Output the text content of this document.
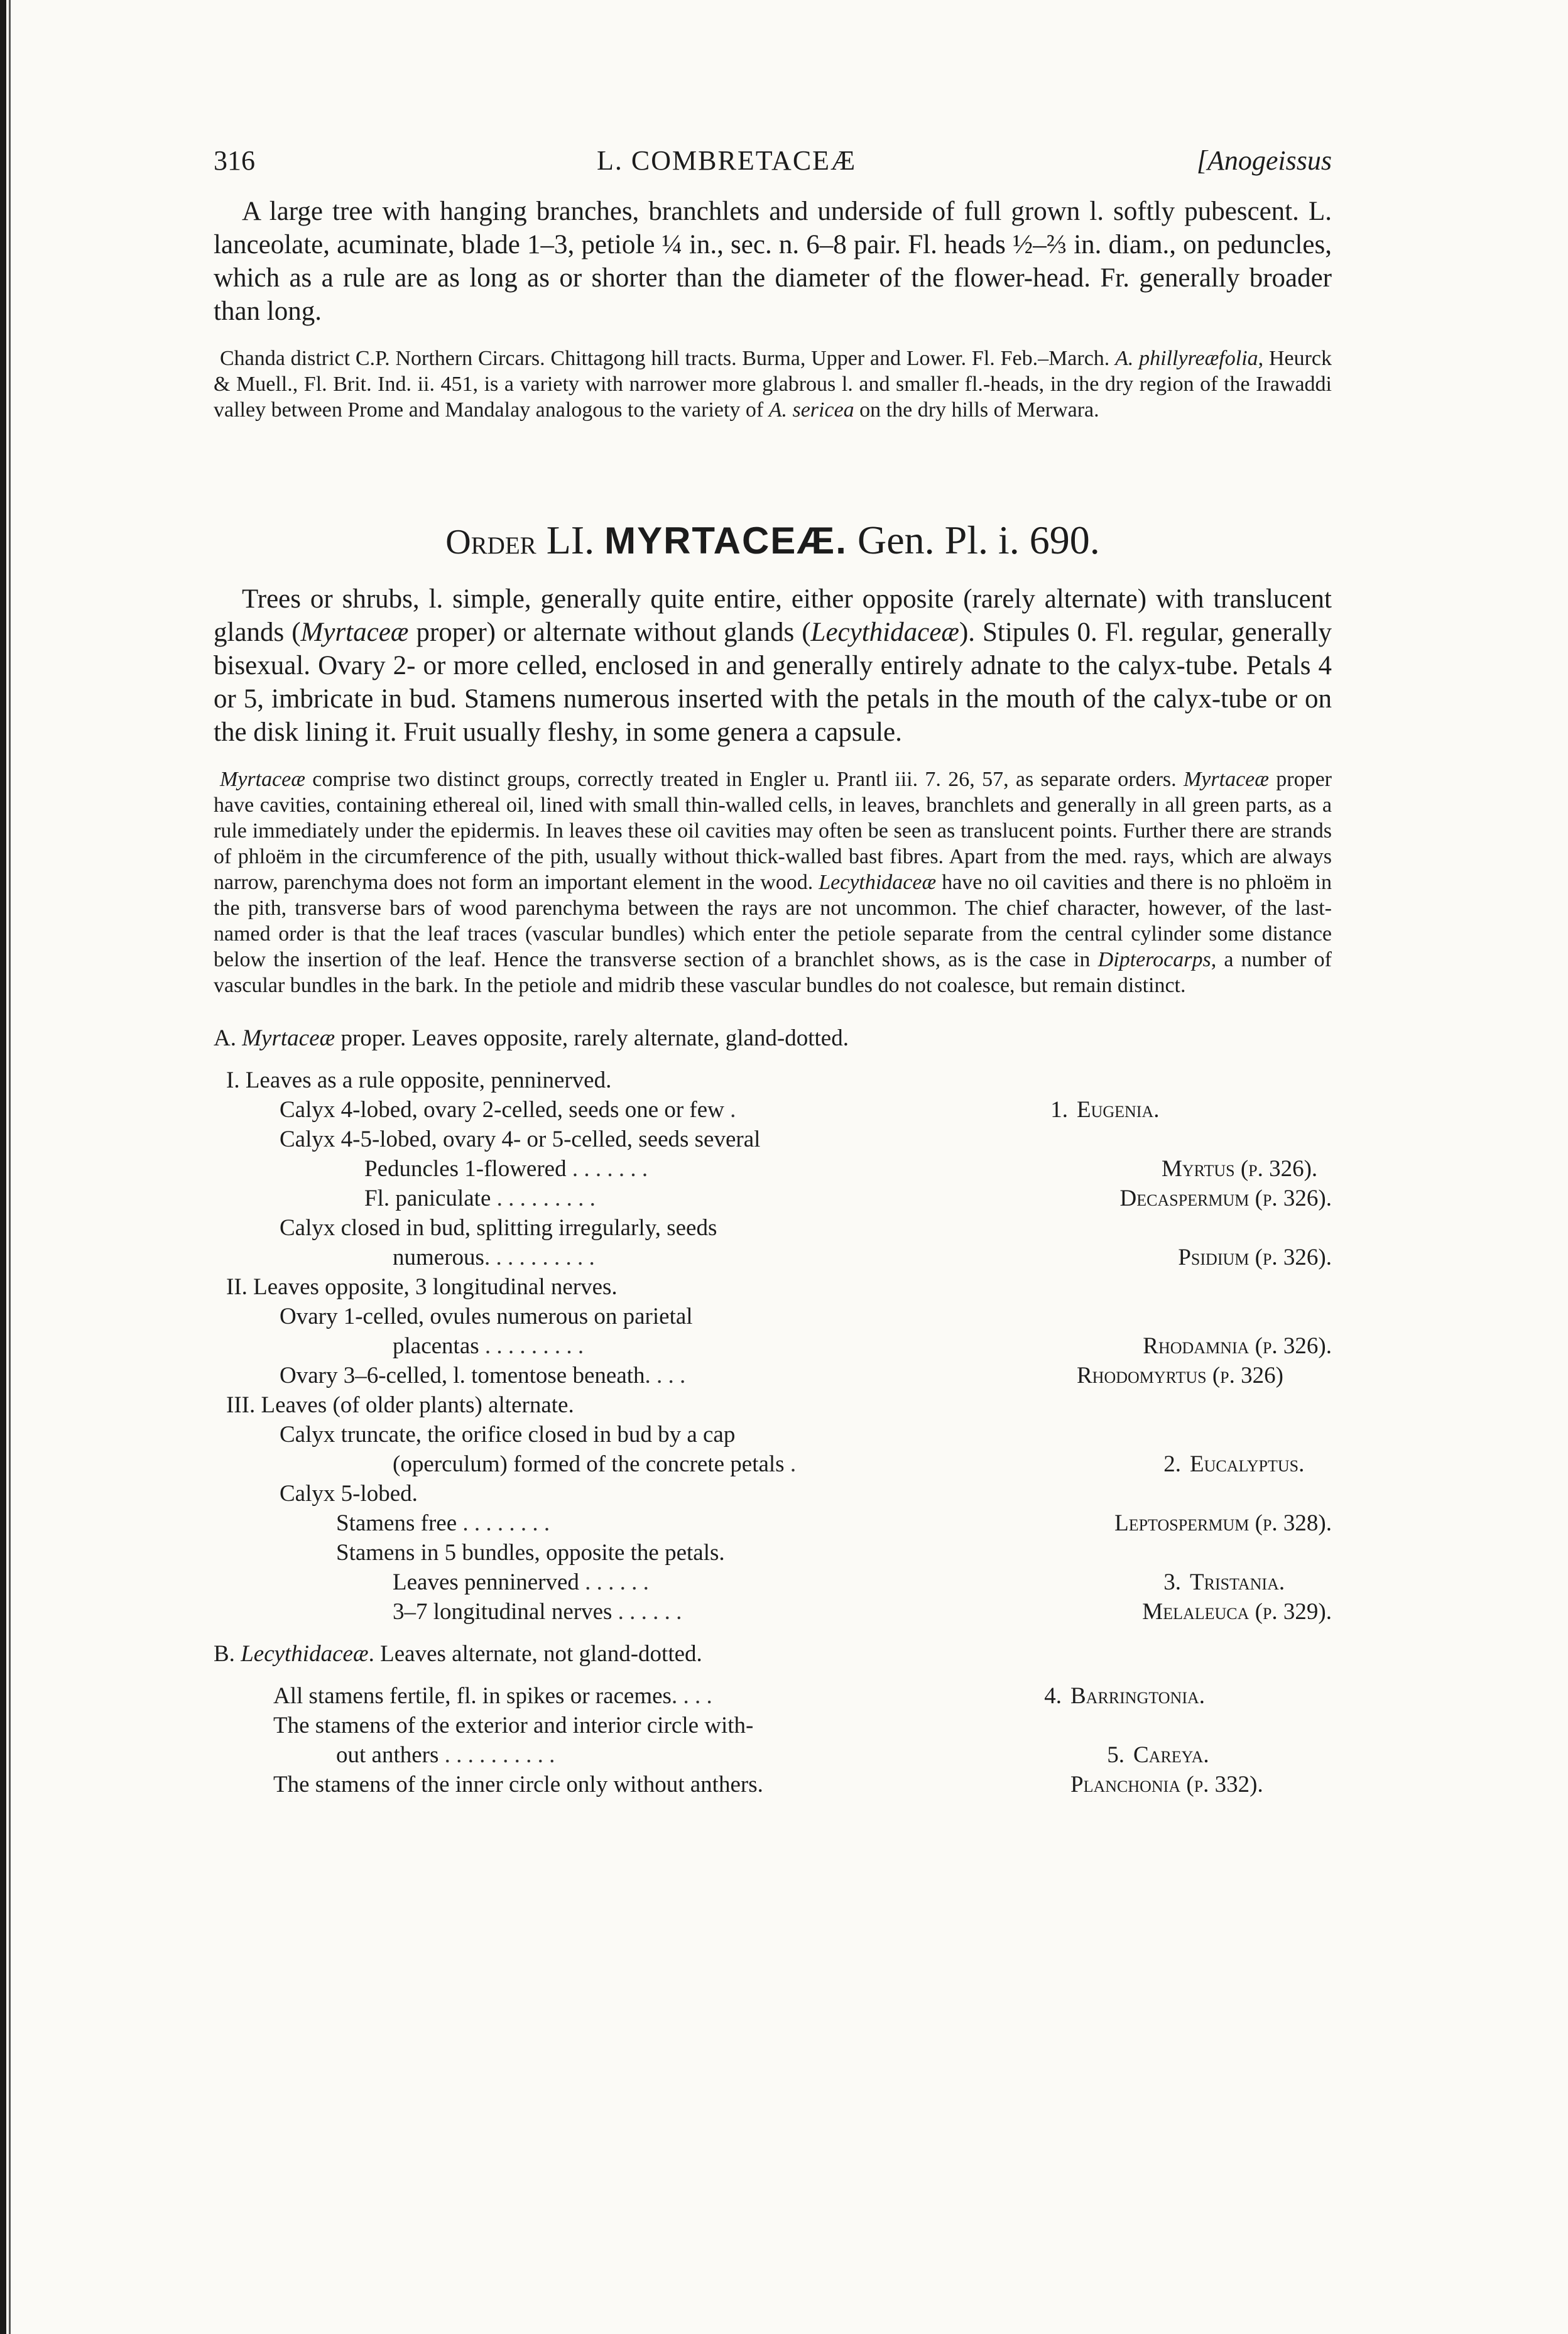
316	L. COMBRETACEÆ	[Anogeissus

A large tree with hanging branches, branchlets and underside of full grown l. softly pubescent. L. lanceolate, acuminate, blade 1–3, petiole ¼ in., sec. n. 6–8 pair. Fl. heads ½–⅔ in. diam., on peduncles, which as a rule are as long as or shorter than the diameter of the flower-head. Fr. generally broader than long.

Chanda district C.P. Northern Circars. Chittagong hill tracts. Burma, Upper and Lower. Fl. Feb.–March. A. phillyreæfolia, Heurck & Muell., Fl. Brit. Ind. ii. 451, is a variety with narrower more glabrous l. and smaller fl.-heads, in the dry region of the Irawaddi valley between Prome and Mandalay analogous to the variety of A. sericea on the dry hills of Merwara.

Order LI. MYRTACEÆ. Gen. Pl. i. 690.

Trees or shrubs, l. simple, generally quite entire, either opposite (rarely alternate) with translucent glands (Myrtaceæ proper) or alternate without glands (Lecythidaceæ). Stipules 0. Fl. regular, generally bisexual. Ovary 2- or more celled, enclosed in and generally entirely adnate to the calyx-tube. Petals 4 or 5, imbricate in bud. Stamens numerous inserted with the petals in the mouth of the calyx-tube or on the disk lining it. Fruit usually fleshy, in some genera a capsule.

Myrtaceæ comprise two distinct groups, correctly treated in Engler u. Prantl iii. 7. 26, 57, as separate orders. Myrtaceæ proper have cavities, containing ethereal oil, lined with small thin-walled cells, in leaves, branchlets and generally in all green parts, as a rule immediately under the epidermis. In leaves these oil cavities may often be seen as translucent points. Further there are strands of phloëm in the circumference of the pith, usually without thick-walled bast fibres. Apart from the med. rays, which are always narrow, parenchyma does not form an important element in the wood. Lecythidaceæ have no oil cavities and there is no phloëm in the pith, transverse bars of wood parenchyma between the rays are not uncommon. The chief character, however, of the last-named order is that the leaf traces (vascular bundles) which enter the petiole separate from the central cylinder some distance below the insertion of the leaf. Hence the transverse section of a branchlet shows, as is the case in Dipterocarps, a number of vascular bundles in the bark. In the petiole and midrib these vascular bundles do not coalesce, but remain distinct.

A. Myrtaceæ proper. Leaves opposite, rarely alternate, gland-dotted.
I. Leaves as a rule opposite, penninerved.
Calyx 4-lobed, ovary 2-celled, seeds one or few .	1. Eugenia.
Calyx 4-5-lobed, ovary 4- or 5-celled, seeds several
Peduncles 1-flowered . . . . . . .	Myrtus (p. 326).
Fl. paniculate . . . . . . . . .	Decaspermum (p. 326).
Calyx closed in bud, splitting irregularly, seeds
numerous. . . . . . . . . .	Psidium (p. 326).
II. Leaves opposite, 3 longitudinal nerves.
Ovary 1-celled, ovules numerous on parietal
placentas . . . . . . . . .	Rhodamnia (p. 326).
Ovary 3–6-celled, l. tomentose beneath. . . .	Rhodomyrtus (p. 326)
III. Leaves (of older plants) alternate.
Calyx truncate, the orifice closed in bud by a cap
(operculum) formed of the concrete petals .	2. Eucalyptus.
Calyx 5-lobed.
Stamens free . . . . . . . .	Leptospermum (p. 328).
Stamens in 5 bundles, opposite the petals.
Leaves penninerved . . . . . .	3. Tristania.
3–7 longitudinal nerves . . . . . .	Melaleuca (p. 329).
B. Lecythidaceæ. Leaves alternate, not gland-dotted.
All stamens fertile, fl. in spikes or racemes. . . .	4. Barringtonia.
The stamens of the exterior and interior circle with-
out anthers . . . . . . . . . .	5. Careya.
The stamens of the inner circle only without anthers.	Planchonia (p. 332).
